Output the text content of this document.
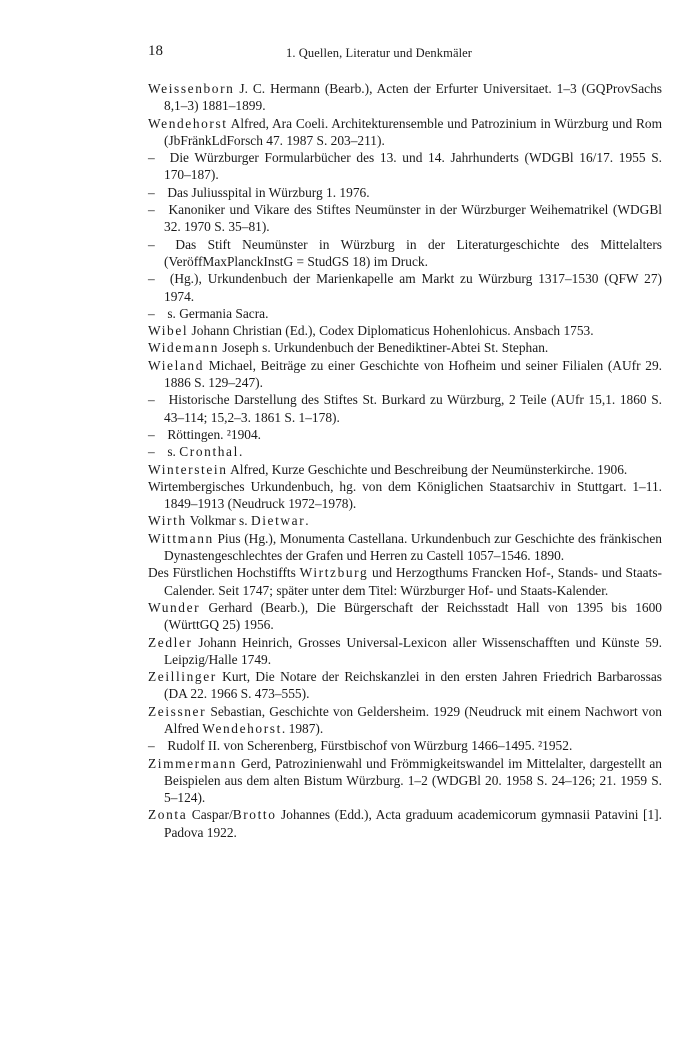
18	1. Quellen, Literatur und Denkmäler

Weissenborn J. C. Hermann (Bearb.), Acten der Erfurter Universitaet. 1–3 (GQProvSachs 8,1–3) 1881–1899.

Wendehorst Alfred, Ara Coeli. Architekturensemble und Patrozinium in Würzburg und Rom (JbFränkLdForsch 47. 1987 S. 203–211).

– Die Würzburger Formularbücher des 13. und 14. Jahrhunderts (WDGBl 16/17. 1955 S. 170–187).

– Das Juliusspital in Würzburg 1. 1976.

– Kanoniker und Vikare des Stiftes Neumünster in der Würzburger Weihematrikel (WDGBl 32. 1970 S. 35–81).

– Das Stift Neumünster in Würzburg in der Literaturgeschichte des Mittelalters (VeröffMaxPlanckInstG = StudGS 18) im Druck.

– (Hg.), Urkundenbuch der Marienkapelle am Markt zu Würzburg 1317–1530 (QFW 27) 1974.

– s. Germania Sacra.

Wibel Johann Christian (Ed.), Codex Diplomaticus Hohenlohicus. Ansbach 1753.

Widemann Joseph s. Urkundenbuch der Benediktiner-Abtei St. Stephan.

Wieland Michael, Beiträge zu einer Geschichte von Hofheim und seiner Filialen (AUfr 29. 1886 S. 129–247).

– Historische Darstellung des Stiftes St. Burkard zu Würzburg, 2 Teile (AUfr 15,1. 1860 S. 43–114; 15,2–3. 1861 S. 1–178).

– Röttingen. ²1904.

– s. Cronthal.

Winterstein Alfred, Kurze Geschichte und Beschreibung der Neumünsterkirche. 1906.

Wirtembergisches Urkundenbuch, hg. von dem Königlichen Staatsarchiv in Stuttgart. 1–11. 1849–1913 (Neudruck 1972–1978).

Wirth Volkmar s. Dietwar.

Wittmann Pius (Hg.), Monumenta Castellana. Urkundenbuch zur Geschichte des fränkischen Dynastengeschlechtes der Grafen und Herren zu Castell 1057–1546. 1890.

Des Fürstlichen Hochstiffts Wirtzburg und Herzogthums Francken Hof-, Stands- und Staats-Calender. Seit 1747; später unter dem Titel: Würzburger Hof- und Staats-Kalender.

Wunder Gerhard (Bearb.), Die Bürgerschaft der Reichsstadt Hall von 1395 bis 1600 (WürttGQ 25) 1956.

Zedler Johann Heinrich, Grosses Universal-Lexicon aller Wissenschafften und Künste 59. Leipzig/Halle 1749.

Zeillinger Kurt, Die Notare der Reichskanzlei in den ersten Jahren Friedrich Barbarossas (DA 22. 1966 S. 473–555).

Zeissner Sebastian, Geschichte von Geldersheim. 1929 (Neudruck mit einem Nachwort von Alfred Wendehorst. 1987).

– Rudolf II. von Scherenberg, Fürstbischof von Würzburg 1466–1495. ²1952.

Zimmermann Gerd, Patrozinienwahl und Frömmigkeitswandel im Mittelalter, dargestellt an Beispielen aus dem alten Bistum Würzburg. 1–2 (WDGBl 20. 1958 S. 24–126; 21. 1959 S. 5–124).

Zonta Caspar/Brotto Johannes (Edd.), Acta graduum academicorum gymnasii Patavini [1]. Padova 1922.
